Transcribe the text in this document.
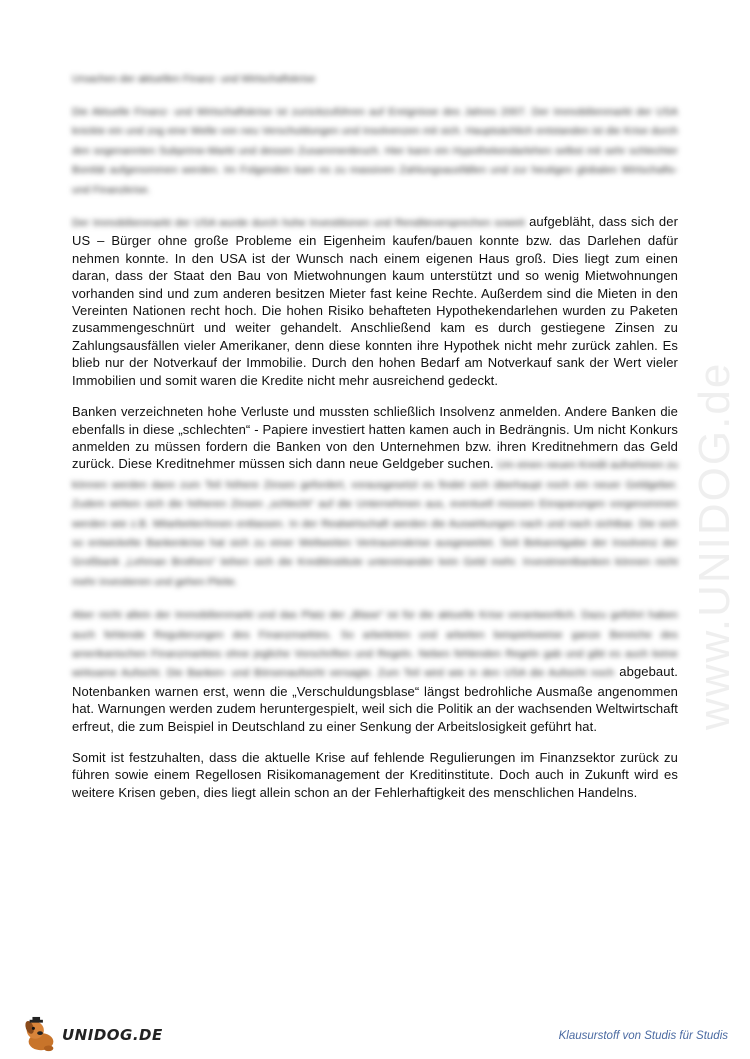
www.UNIDOG.de
Ursachen der aktuellen Finanz- und Wirtschaftskrise

Die Aktuelle Finanz- und Wirtschaftskrise ist zurückzuführen auf Ereignisse des Jahres 2007. Der Immobilienmarkt der USA knickte ein und zog eine Welle von neu Verschuldungen und Insolvenzen mit sich. Hauptsächlich entstanden ist die Krise durch den sogenannten Subprime-Markt und dessen Zusammenbruch. Hier kann ein Hypothekendarlehen selbst mit sehr schlechter Bonität aufgenommen werden. Im Folgenden kam es zu massiven Zahlungsausfällen und zur heutigen globalen Wirtschafts- und Finanzkrise.

Der Immobilienmarkt der USA wurde durch hohe Investitionen und Renditeversprechen soweit aufgebläht, dass sich der US – Bürger ohne große Probleme ein Eigenheim kaufen/bauen konnte bzw. das Darlehen dafür nehmen konnte. In den USA ist der Wunsch nach einem eigenen Haus groß. Dies liegt zum einen daran, dass der Staat den Bau von Mietwohnungen kaum unterstützt und so wenig Mietwohnungen vorhanden sind und zum anderen besitzen Mieter fast keine Rechte. Außerdem sind die Mieten in den Vereinten Nationen recht hoch. Die hohen Risiko behafteten Hypothekendarlehen wurden zu Paketen zusammengeschnürt und weiter gehandelt. Anschließend kam es durch gestiegene Zinsen zu Zahlungsausfällen vieler Amerikaner, denn diese konnten ihre Hypothek nicht mehr zurück zahlen. Es blieb nur der Notverkauf der Immobilie. Durch den hohen Bedarf am Notverkauf sank der Wert vieler Immobilien und somit waren die Kredite nicht mehr ausreichend gedeckt.

Banken verzeichneten hohe Verluste und mussten schließlich Insolvenz anmelden. Andere Banken die ebenfalls in diese „schlechten“ - Papiere investiert hatten kamen auch in Bedrängnis. Um nicht Konkurs anmelden zu müssen fordern die Banken von den Unternehmen bzw. ihren Kreditnehmern das Geld zurück. Diese Kreditnehmer müssen sich dann neue Geldgeber suchen. Um einen neuen Kredit aufnehmen zu können werden dann zum Teil höhere Zinsen gefordert, vorausgesetzt es findet sich überhaupt noch ein neuer Geldgeber. Zudem wirken sich die höheren Zinsen „schlecht“ auf die Unternehmen aus, eventuell müssen Einsparungen vorgenommen werden wie z.B. Mitarbeiter/innen entlassen. In der Realwirtschaft werden die Auswirkungen nach und nach sichtbar. Die sich so entwickelte Bankenkrise hat sich zu einer Weltweiten Vertrauenskrise ausgeweitet. Seit Bekanntgabe der Insolvenz der Großbank „Lehman Brothers“ leihen sich die Kreditinstitute untereinander kein Geld mehr. Investmentbanken können nicht mehr investieren und gehen Pleite.

Aber nicht allein der Immobilienmarkt und das Platz der „Blase“ ist für die aktuelle Krise verantwortlich. Dazu geführt haben auch fehlende Regulierungen des Finanzmarktes. So arbeiteten und arbeiten beispielsweise ganze Bereiche des amerikanischen Finanzmarktes ohne jegliche Vorschriften und Regeln. Neben fehlenden Regeln gab und gibt es auch keine wirksame Aufsicht. Die Banken- und Börsenaufsicht versagte. Zum Teil wird wie in den USA die Aufsicht noch abgebaut. Notenbanken warnen erst, wenn die „Verschuldungsblase“ längst bedrohliche Ausmaße angenommen hat. Warnungen werden zudem heruntergespielt, weil sich die Politik an der wachsenden Weltwirtschaft erfreut, die zum Beispiel in Deutschland zu einer Senkung der Arbeitslosigkeit geführt hat.

Somit ist festzuhalten, dass die aktuelle Krise auf fehlende Regulierungen im Finanzsektor zurück zu führen sowie einem Regellosen Risikomanagement der Kreditinstitute. Doch auch in Zukunft wird es weitere Krisen geben, dies liegt allein schon an der Fehlerhaftigkeit des menschlichen Handelns.

UNIDOG.DE	Klausurstoff von Studis für Studis
